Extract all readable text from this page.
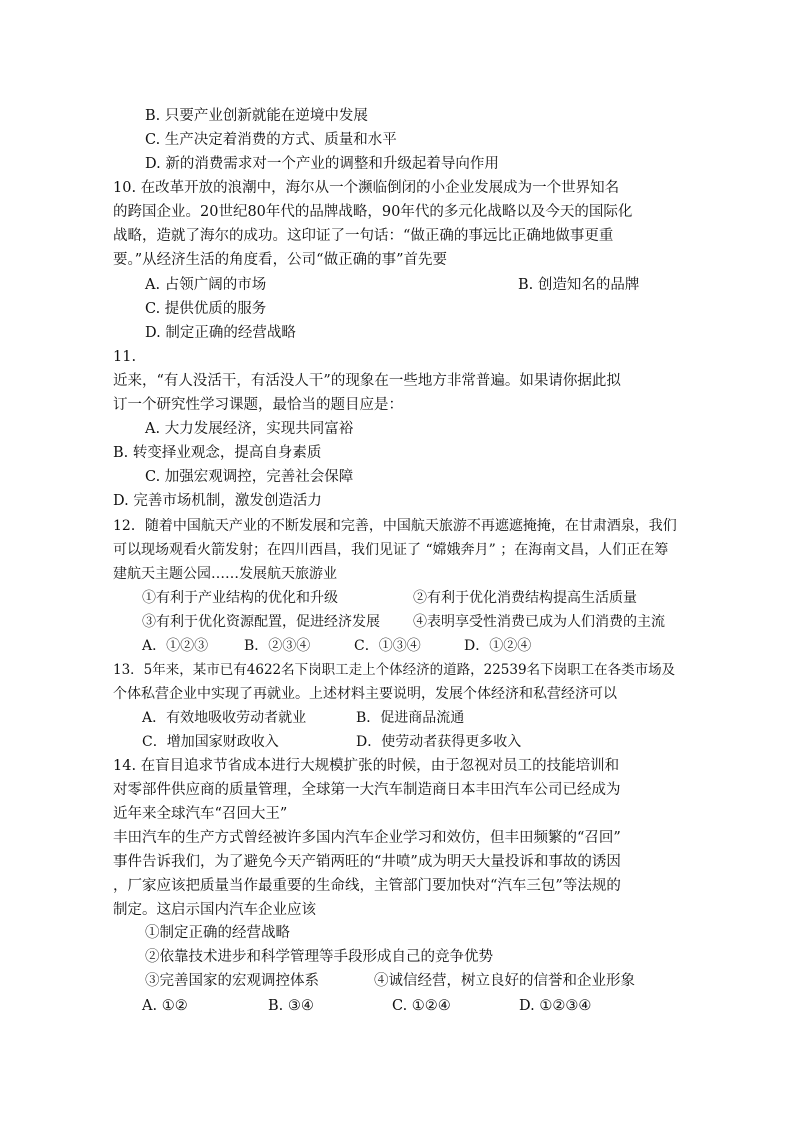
B. 只要产业创新就能在逆境中发展
C. 生产决定着消费的方式、质量和水平
D. 新的消费需求对一个产业的调整和升级起着导向作用
10. 在改革开放的浪潮中，海尔从一个濒临倒闭的小企业发展成为一个世界知名
的跨国企业。20世纪80年代的品牌战略，90年代的多元化战略以及今天的国际化
战略，造就了海尔的成功。这印证了一句话：“做正确的事远比正确地做事更重
要。”从经济生活的角度看，公司“做正确的事”首先要
A. 占领广阔的市场	B. 创造知名的品牌
C. 提供优质的服务
D. 制定正确的经营战略
11.
近来，“有人没活干，有活没人干”的现象在一些地方非常普遍。如果请你据此拟
订一个研究性学习课题，最恰当的题目应是：
A. 大力发展经济，实现共同富裕
B. 转变择业观念，提高自身素质
C. 加强宏观调控，完善社会保障
D. 完善市场机制，激发创造活力
12．随着中国航天产业的不断发展和完善，中国航天旅游不再遮遮掩掩，在甘肃酒泉，我们
可以现场观看火箭发射；在四川西昌，我们见证了 “嫦娥奔月” ；在海南文昌，人们正在筹
建航天主题公园……发展航天旅游业
①有利于产业结构的优化和升级	②有利于优化消费结构提高生活质量
③有利于优化资源配置，促进经济发展 ④表明享受性消费已成为人们消费的主流
A．①②③	B．②③④	C．①③④	D．①②④
13．5年来，某市已有4622名下岗职工走上个体经济的道路，22539名下岗职工在各类市场及
个体私营企业中实现了再就业。上述材料主要说明，发展个体经济和私营经济可以
A．有效地吸收劳动者就业	B．促进商品流通
C．增加国家财政收入	D．使劳动者获得更多收入
14. 在盲目追求节省成本进行大规模扩张的时候，由于忽视对员工的技能培训和
对零部件供应商的质量管理，全球第一大汽车制造商日本丰田汽车公司已经成为
近年来全球汽车“召回大王”
丰田汽车的生产方式曾经被许多国内汽车企业学习和效仿，但丰田频繁的“召回”
事件告诉我们，为了避免今天产销两旺的“井喷”成为明天大量投诉和事故的诱因
，厂家应该把质量当作最重要的生命线，主管部门要加快对“汽车三包”等法规的
制定。这启示国内汽车企业应该
①制定正确的经营战略
②依靠技术进步和科学管理等手段形成自己的竞争优势
③完善国家的宏观调控体系	④诚信经营，树立良好的信誉和企业形象
A. ①②	B. ③④	C. ①②④	D. ①②③④
